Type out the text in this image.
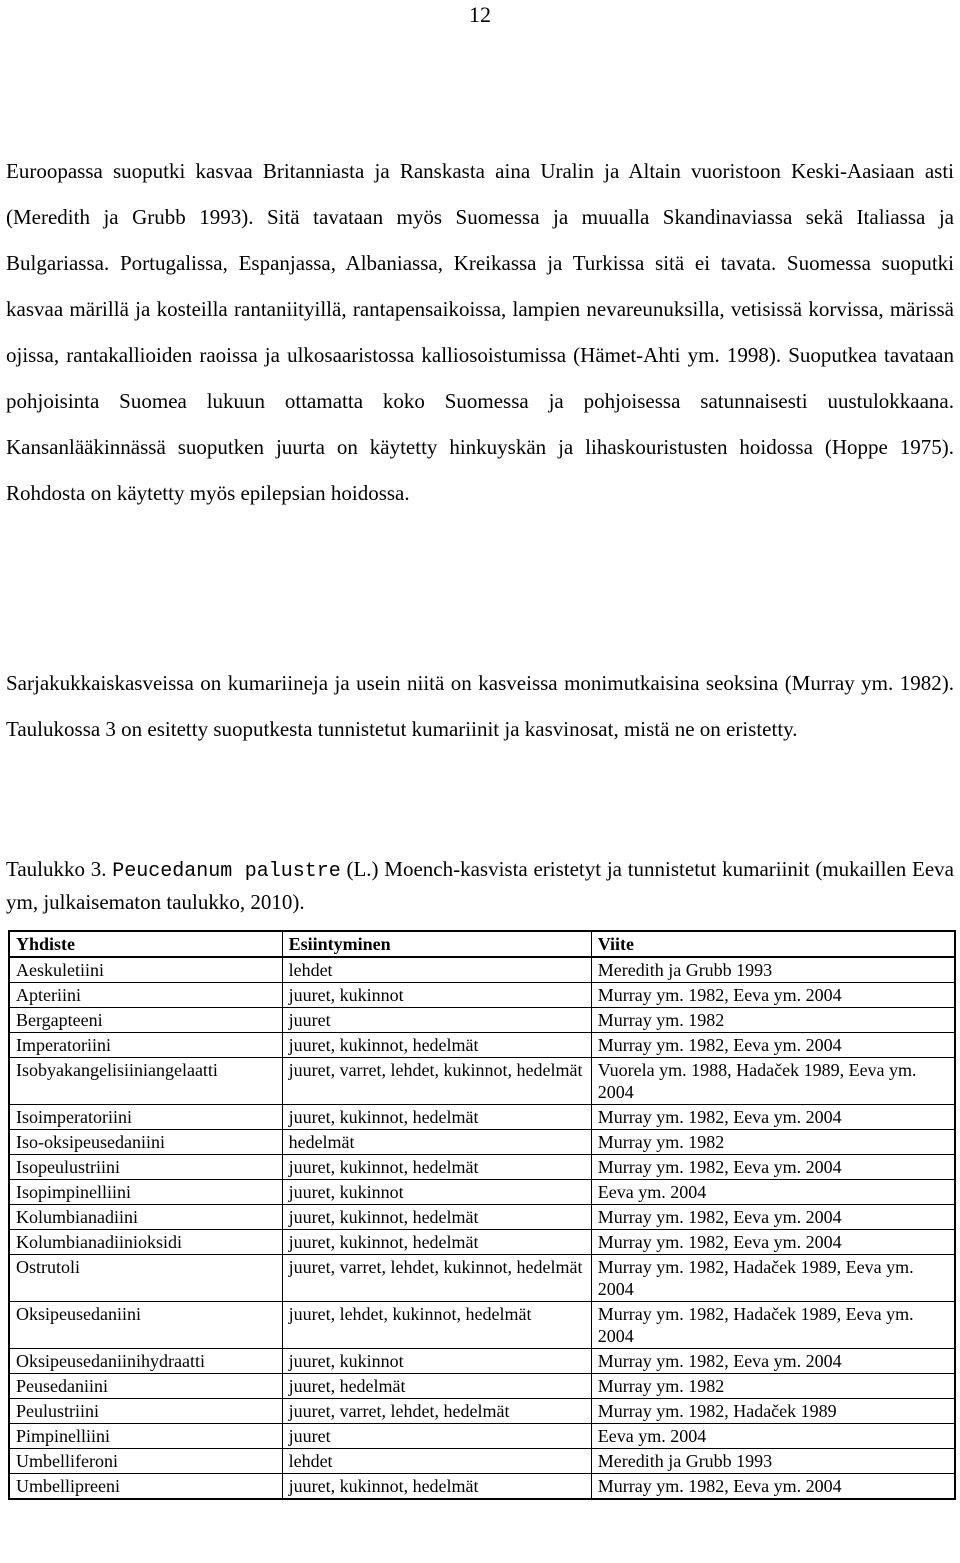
12

Euroopassa suoputki kasvaa Britanniasta ja Ranskasta aina Uralin ja Altain vuoristoon Keski-Aasiaan asti (Meredith ja Grubb 1993). Sitä tavataan myös Suomessa ja muualla Skandinaviassa sekä Italiassa ja Bulgariassa. Portugalissa, Espanjassa, Albaniassa, Kreikassa ja Turkissa sitä ei tavata. Suomessa suoputki kasvaa märillä ja kosteilla rantaniityillä, rantapensaikoissa, lampien nevareunuksilla, vetisissä korvissa, märissä ojissa, rantakallioiden raoissa ja ulkosaaristossa kalliosoistumissa (Hämet-Ahti ym. 1998). Suoputkea tavataan pohjoisinta Suomea lukuun ottamatta koko Suomessa ja pohjoisessa satunnaisesti uustulokkaana. Kansanlääkinnässä suoputken juurta on käytetty hinkuyskän ja lihaskouristusten hoidossa (Hoppe 1975). Rohdosta on käytetty myös epilepsian hoidossa.

Sarjakukkaiskasveissa on kumariineja ja usein niitä on kasveissa monimutkaisina seoksina (Murray ym. 1982). Taulukossa 3 on esitetty suoputkesta tunnistetut kumariinit ja kasvinosat, mistä ne on eristetty.

Taulukko 3. Peucedanum palustre (L.) Moench-kasvista eristetyt ja tunnistetut kumariinit (mukaillen Eeva ym, julkaisematon taulukko, 2010).

Yhdiste	Esiintyminen	Viite
Aeskuletiini	lehdet	Meredith ja Grubb 1993
Apteriini	juuret, kukinnot	Murray ym. 1982, Eeva ym. 2004
Bergapteeni	juuret	Murray ym. 1982
Imperatoriini	juuret, kukinnot, hedelmät	Murray ym. 1982, Eeva ym. 2004
Isobyakangelisiiniangelaatti	juuret, varret, lehdet, kukinnot, hedelmät	Vuorela ym. 1988, Hadaček 1989, Eeva ym. 2004
Isoimperatoriini	juuret, kukinnot, hedelmät	Murray ym. 1982, Eeva ym. 2004
Iso-oksipeusedaniini	hedelmät	Murray ym. 1982
Isopeulustriini	juuret, kukinnot, hedelmät	Murray ym. 1982, Eeva ym. 2004
Isopimpinelliini	juuret, kukinnot	Eeva ym. 2004
Kolumbianadiini	juuret, kukinnot, hedelmät	Murray ym. 1982, Eeva ym. 2004
Kolumbianadiinioksidi	juuret, kukinnot, hedelmät	Murray ym. 1982, Eeva ym. 2004
Ostrutoli	juuret, varret, lehdet, kukinnot, hedelmät	Murray ym. 1982, Hadaček 1989, Eeva ym. 2004
Oksipeusedaniini	juuret, lehdet, kukinnot, hedelmät	Murray ym. 1982, Hadaček 1989, Eeva ym. 2004
Oksipeusedaniinihydraatti	juuret, kukinnot	Murray ym. 1982, Eeva ym. 2004
Peusedaniini	juuret, hedelmät	Murray ym. 1982
Peulustriini	juuret, varret, lehdet, hedelmät	Murray ym. 1982, Hadaček 1989
Pimpinelliini	juuret	Eeva ym. 2004
Umbelliferoni	lehdet	Meredith ja Grubb 1993
Umbellipreeni	juuret, kukinnot, hedelmät	Murray ym. 1982, Eeva ym. 2004
